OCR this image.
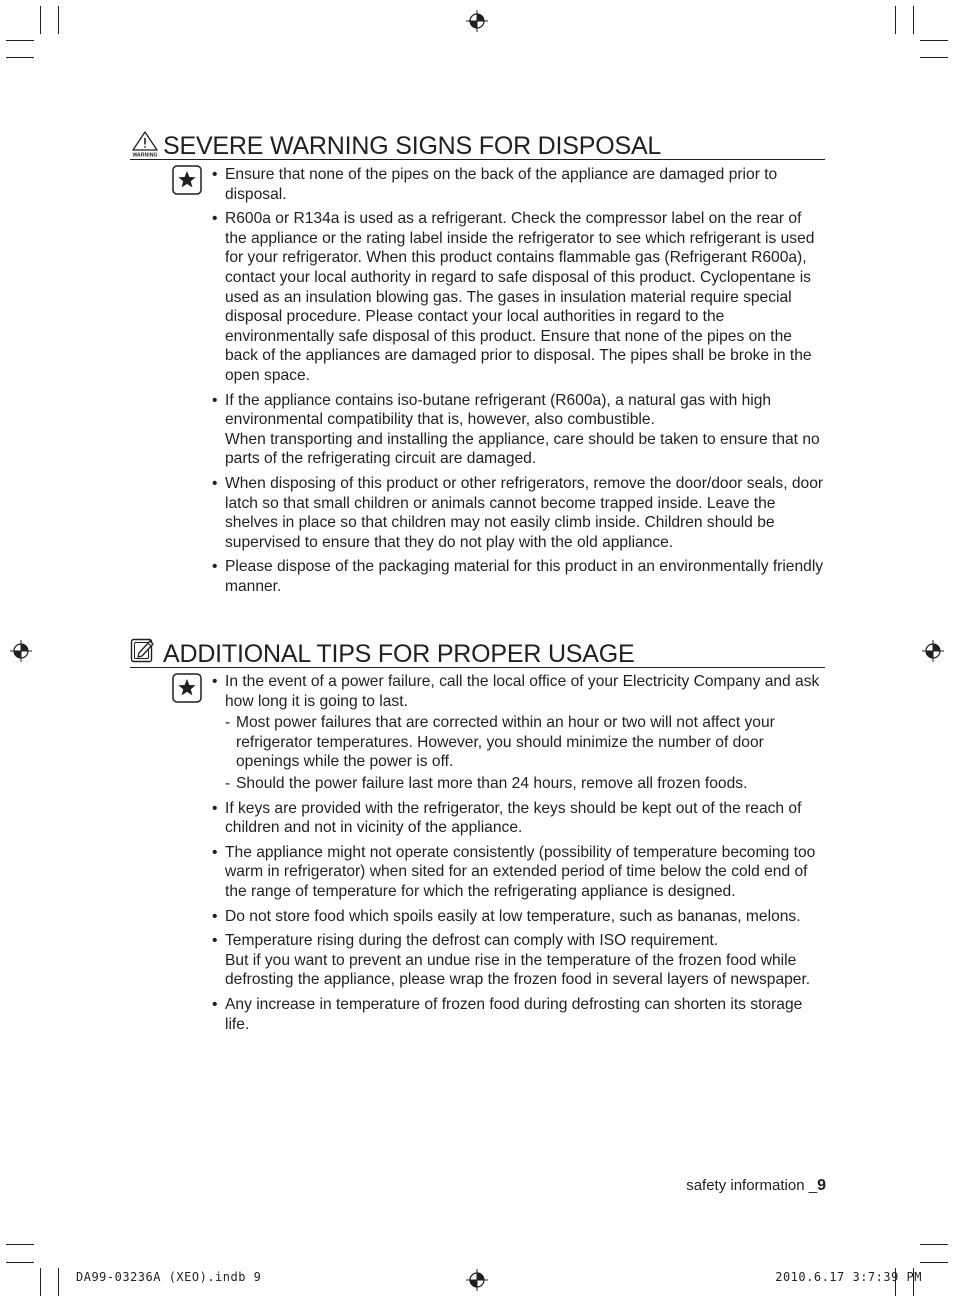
WARNING SEVERE WARNING SIGNS FOR DISPOSAL
• Ensure that none of the pipes on the back of the appliance are damaged prior to disposal.
• R600a or R134a is used as a refrigerant. Check the compressor label on the rear of the appliance or the rating label inside the refrigerator to see which refrigerant is used for your refrigerator. When this product contains flammable gas (Refrigerant R600a), contact your local authority in regard to safe disposal of this product. Cyclopentane is used as an insulation blowing gas. The gases in insulation material require special disposal procedure. Please contact your local authorities in regard to the environmentally safe disposal of this product. Ensure that none of the pipes on the back of the appliances are damaged prior to disposal. The pipes shall be broke in the open space.
• If the appliance contains iso-butane refrigerant (R600a), a natural gas with high environmental compatibility that is, however, also combustible.
When transporting and installing the appliance, care should be taken to ensure that no parts of the refrigerating circuit are damaged.
• When disposing of this product or other refrigerators, remove the door/door seals, door latch so that small children or animals cannot become trapped inside. Leave the shelves in place so that children may not easily climb inside. Children should be supervised to ensure that they do not play with the old appliance.
• Please dispose of the packaging material for this product in an environmentally friendly manner.
ADDITIONAL TIPS FOR PROPER USAGE
• In the event of a power failure, call the local office of your Electricity Company and ask how long it is going to last.
- Most power failures that are corrected within an hour or two will not affect your refrigerator temperatures. However, you should minimize the number of door openings while the power is off.
- Should the power failure last more than 24 hours, remove all frozen foods.
• If keys are provided with the refrigerator, the keys should be kept out of the reach of children and not in vicinity of the appliance.
• The appliance might not operate consistently (possibility of temperature becoming too warm in refrigerator) when sited for an extended period of time below the cold end of the range of temperature for which the refrigerating appliance is designed.
• Do not store food which spoils easily at low temperature, such as bananas, melons.
• Temperature rising during the defrost can comply with ISO requirement.
But if you want to prevent an undue rise in the temperature of the frozen food while defrosting the appliance, please wrap the frozen food in several layers of newspaper.
• Any increase in temperature of frozen food during defrosting can shorten its storage life.
safety information _9
DA99-03236A (XEO).indb 9	2010.6.17 3:7:39 PM
